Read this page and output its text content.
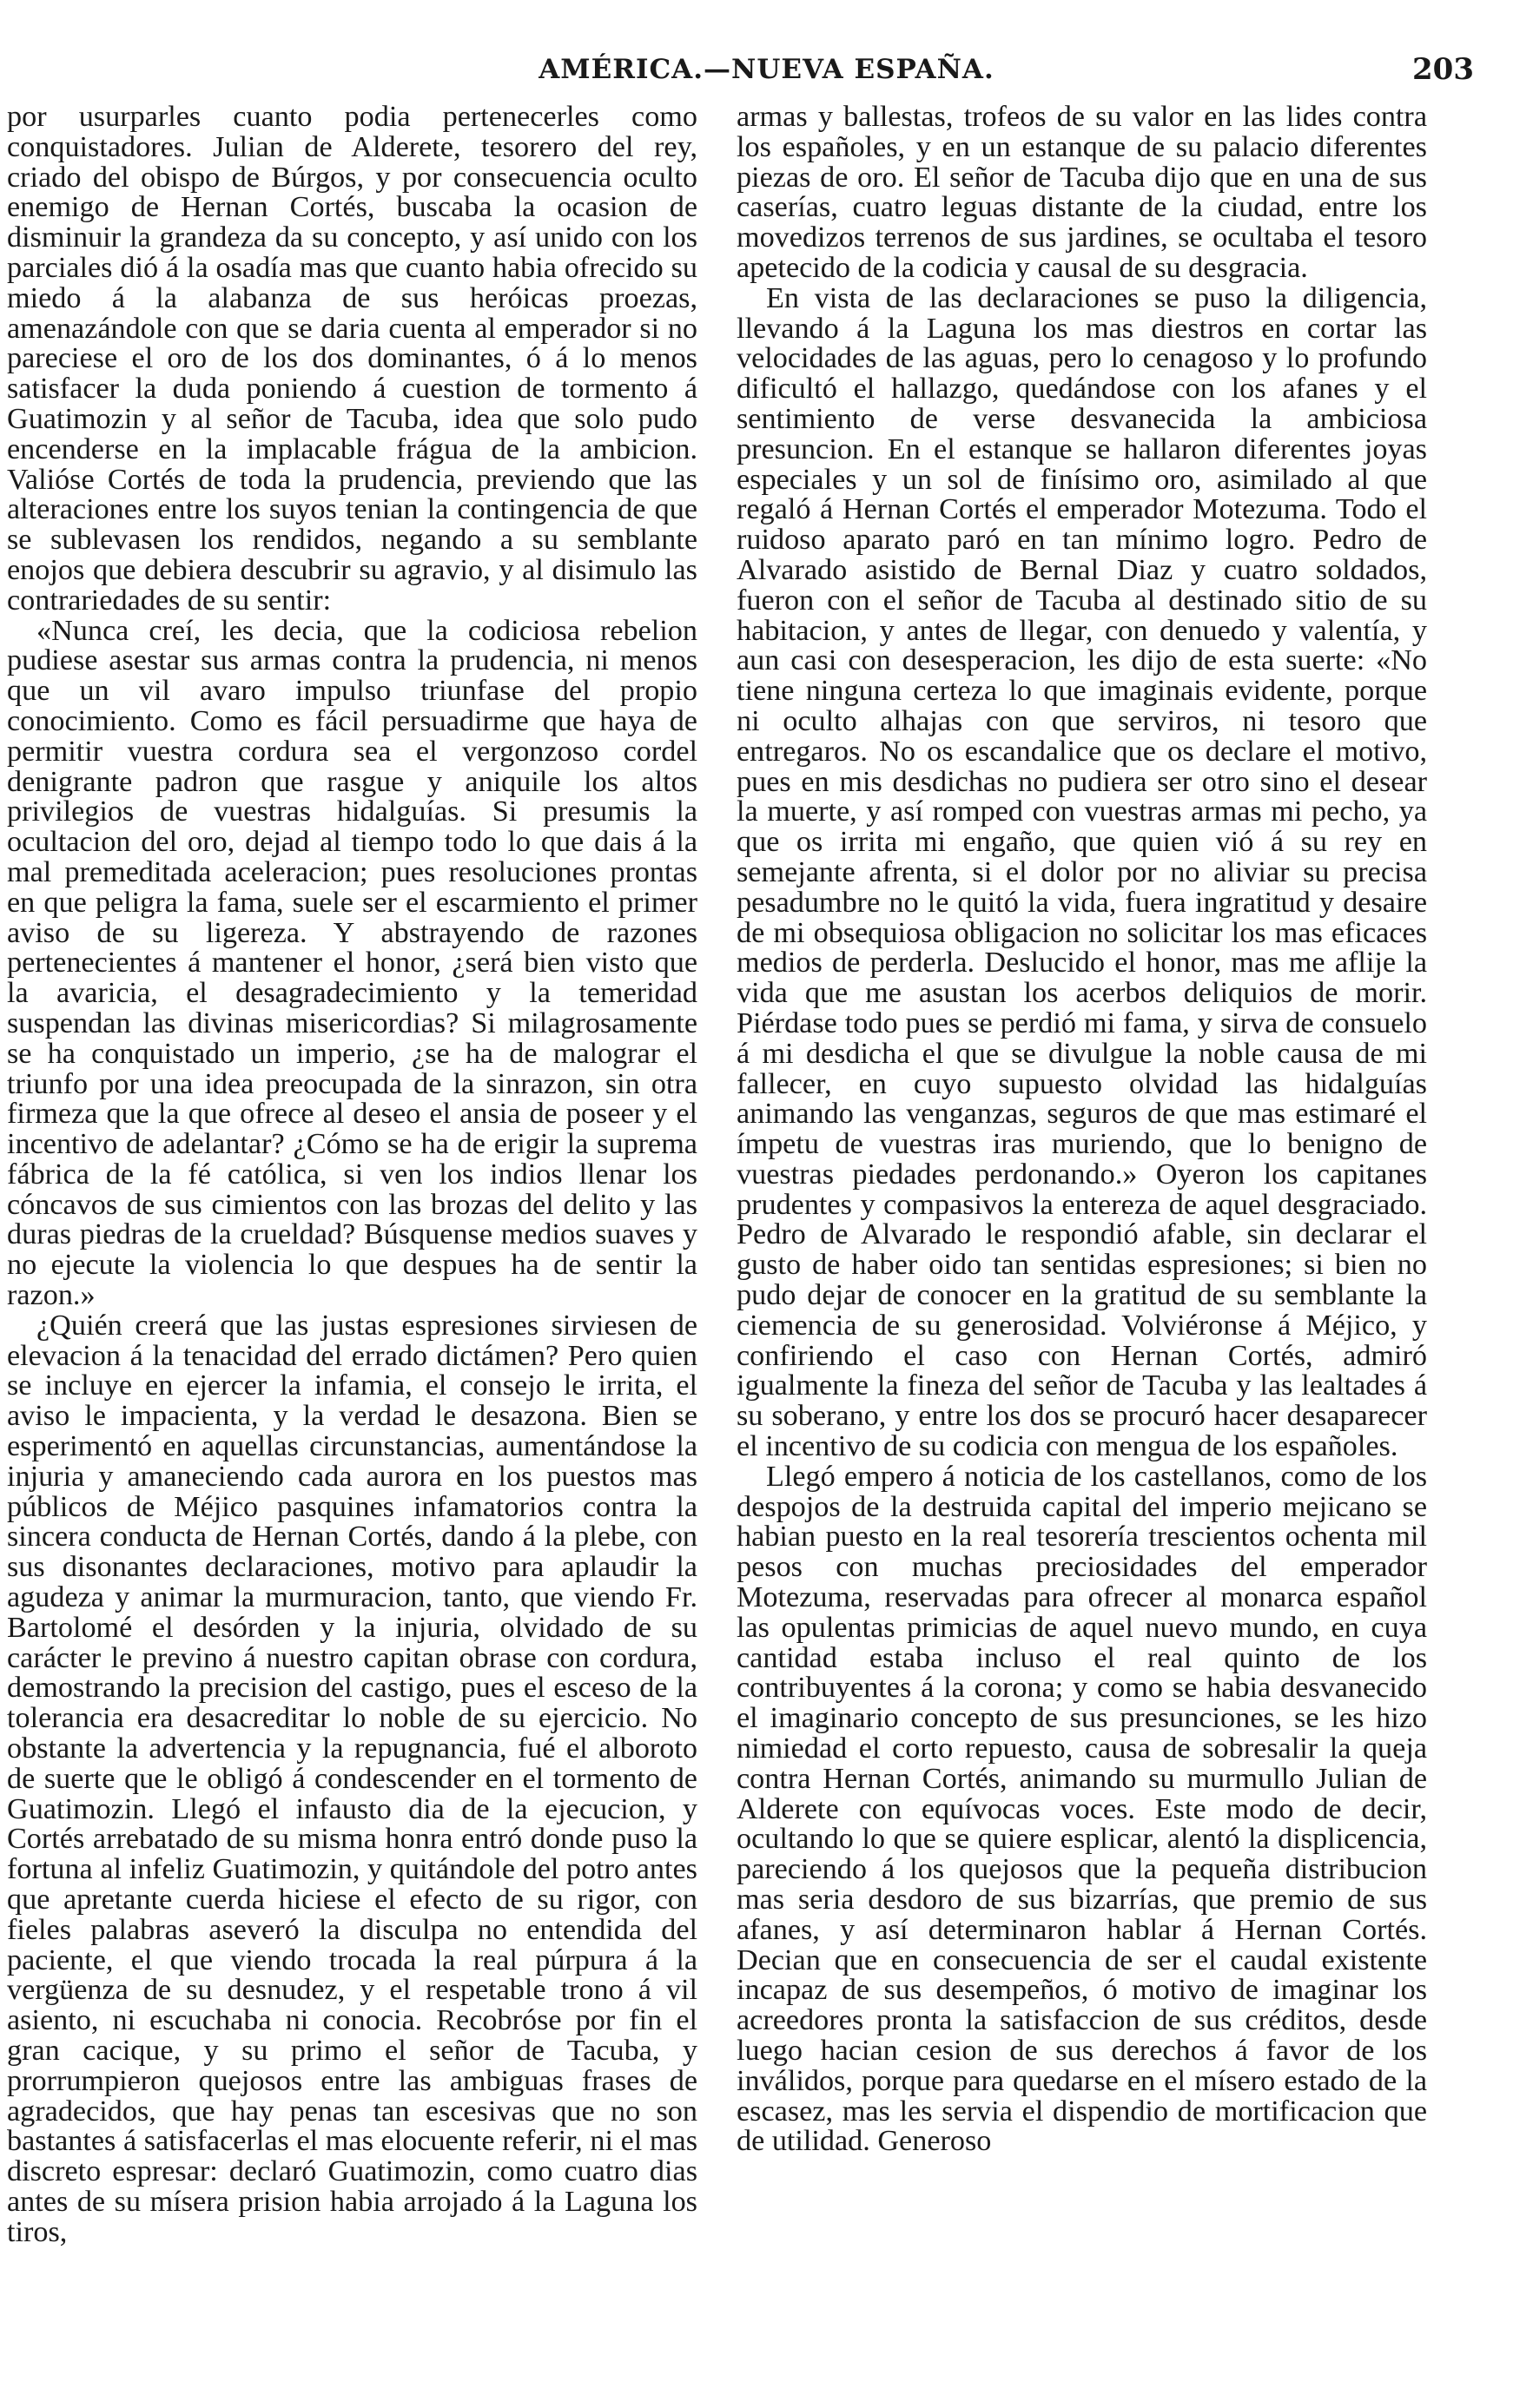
AMÉRICA.—NUEVA ESPAÑA.	203

por usurparles cuanto podia pertenecerles como conquistadores. Julian de Alderete, tesorero del rey, criado del obispo de Búrgos, y por consecuencia oculto enemigo de Hernan Cortés, buscaba la ocasion de disminuir la grandeza da su concepto, y así unido con los parciales dió á la osadía mas que cuanto habia ofrecido su miedo á la alabanza de sus heróicas proezas, amenazándole con que se daria cuenta al emperador si no pareciese el oro de los dos dominantes, ó á lo menos satisfacer la duda poniendo á cuestion de tormento á Guatimozin y al señor de Tacuba, idea que solo pudo encenderse en la implacable frágua de la ambicion. Valióse Cortés de toda la prudencia, previendo que las alteraciones entre los suyos tenian la contingencia de que se sublevasen los rendidos, negando a su semblante enojos que debiera descubrir su agravio, y al disimulo las contrariedades de su sentir:

«Nunca creí, les decia, que la codiciosa rebelion pudiese asestar sus armas contra la prudencia, ni menos que un vil avaro impulso triunfase del propio conocimiento. Como es fácil persuadirme que haya de permitir vuestra cordura sea el vergonzoso cordel denigrante padron que rasgue y aniquile los altos privilegios de vuestras hidalguías. Si presumis la ocultacion del oro, dejad al tiempo todo lo que dais á la mal premeditada aceleracion; pues resoluciones prontas en que peligra la fama, suele ser el escarmiento el primer aviso de su ligereza. Y abstrayendo de razones pertenecientes á mantener el honor, ¿será bien visto que la avaricia, el desagradecimiento y la temeridad suspendan las divinas misericordias? Si milagrosamente se ha conquistado un imperio, ¿se ha de malograr el triunfo por una idea preocupada de la sinrazon, sin otra firmeza que la que ofrece al deseo el ansia de poseer y el incentivo de adelantar? ¿Cómo se ha de erigir la suprema fábrica de la fé católica, si ven los indios llenar los cóncavos de sus cimientos con las brozas del delito y las duras piedras de la crueldad? Búsquense medios suaves y no ejecute la violencia lo que despues ha de sentir la razon.»

¿Quién creerá que las justas espresiones sirviesen de elevacion á la tenacidad del errado dictámen? Pero quien se incluye en ejercer la infamia, el consejo le irrita, el aviso le impacienta, y la verdad le desazona. Bien se esperimentó en aquellas circunstancias, aumentándose la injuria y amaneciendo cada aurora en los puestos mas públicos de Méjico pasquines infamatorios contra la sincera conducta de Hernan Cortés, dando á la plebe, con sus disonantes declaraciones, motivo para aplaudir la agudeza y animar la murmuracion, tanto, que viendo Fr. Bartolomé el desórden y la injuria, olvidado de su carácter le previno á nuestro capitan obrase con cordura, demostrando la precision del castigo, pues el esceso de la tolerancia era desacreditar lo noble de su ejercicio. No obstante la advertencia y la repugnancia, fué el alboroto de suerte que le obligó á condescender en el tormento de Guatimozin. Llegó el infausto dia de la ejecucion, y Cortés arrebatado de su misma honra entró donde puso la fortuna al infeliz Guatimozin, y quitándole del potro antes que apretante cuerda hiciese el efecto de su rigor, con fieles palabras aseveró la disculpa no entendida del paciente, el que viendo trocada la real púrpura á la vergüenza de su desnudez, y el respetable trono á vil asiento, ni escuchaba ni conocia. Recobróse por fin el gran cacique, y su primo el señor de Tacuba, y prorrumpieron quejosos entre las ambiguas frases de agradecidos, que hay penas tan escesivas que no son bastantes á satisfacerlas el mas elocuente referir, ni el mas discreto espresar: declaró Guatimozin, como cuatro dias antes de su mísera prision habia arrojado á la Laguna los tiros,

armas y ballestas, trofeos de su valor en las lides contra los españoles, y en un estanque de su palacio diferentes piezas de oro. El señor de Tacuba dijo que en una de sus caserías, cuatro leguas distante de la ciudad, entre los movedizos terrenos de sus jardines, se ocultaba el tesoro apetecido de la codicia y causal de su desgracia.

En vista de las declaraciones se puso la diligencia, llevando á la Laguna los mas diestros en cortar las velocidades de las aguas, pero lo cenagoso y lo profundo dificultó el hallazgo, quedándose con los afanes y el sentimiento de verse desvanecida la ambiciosa presuncion. En el estanque se hallaron diferentes joyas especiales y un sol de finísimo oro, asimilado al que regaló á Hernan Cortés el emperador Motezuma. Todo el ruidoso aparato paró en tan mínimo logro. Pedro de Alvarado asistido de Bernal Diaz y cuatro soldados, fueron con el señor de Tacuba al destinado sitio de su habitacion, y antes de llegar, con denuedo y valentía, y aun casi con desesperacion, les dijo de esta suerte: «No tiene ninguna certeza lo que imaginais evidente, porque ni oculto alhajas con que serviros, ni tesoro que entregaros. No os escandalice que os declare el motivo, pues en mis desdichas no pudiera ser otro sino el desear la muerte, y así romped con vuestras armas mi pecho, ya que os irrita mi engaño, que quien vió á su rey en semejante afrenta, si el dolor por no aliviar su precisa pesadumbre no le quitó la vida, fuera ingratitud y desaire de mi obsequiosa obligacion no solicitar los mas eficaces medios de perderla. Deslucido el honor, mas me aflije la vida que me asustan los acerbos deliquios de morir. Piérdase todo pues se perdió mi fama, y sirva de consuelo á mi desdicha el que se divulgue la noble causa de mi fallecer, en cuyo supuesto olvidad las hidalguías animando las venganzas, seguros de que mas estimaré el ímpetu de vuestras iras muriendo, que lo benigno de vuestras piedades perdonando.» Oyeron los capitanes prudentes y compasivos la entereza de aquel desgraciado. Pedro de Alvarado le respondió afable, sin declarar el gusto de haber oido tan sentidas espresiones; si bien no pudo dejar de conocer en la gratitud de su semblante la ciemencia de su generosidad. Volviéronse á Méjico, y confiriendo el caso con Hernan Cortés, admiró igualmente la fineza del señor de Tacuba y las lealtades á su soberano, y entre los dos se procuró hacer desaparecer el incentivo de su codicia con mengua de los españoles.

Llegó empero á noticia de los castellanos, como de los despojos de la destruida capital del imperio mejicano se habian puesto en la real tesorería trescientos ochenta mil pesos con muchas preciosidades del emperador Motezuma, reservadas para ofrecer al monarca español las opulentas primicias de aquel nuevo mundo, en cuya cantidad estaba incluso el real quinto de los contribuyentes á la corona; y como se habia desvanecido el imaginario concepto de sus presunciones, se les hizo nimiedad el corto repuesto, causa de sobresalir la queja contra Hernan Cortés, animando su murmullo Julian de Alderete con equívocas voces. Este modo de decir, ocultando lo que se quiere esplicar, alentó la displicencia, pareciendo á los quejosos que la pequeña distribucion mas seria desdoro de sus bizarrías, que premio de sus afanes, y así determinaron hablar á Hernan Cortés. Decian que en consecuencia de ser el caudal existente incapaz de sus desempeños, ó motivo de imaginar los acreedores pronta la satisfaccion de sus créditos, desde luego hacian cesion de sus derechos á favor de los inválidos, porque para quedarse en el mísero estado de la escasez, mas les servia el dispendio de mortificacion que de utilidad. Generoso
